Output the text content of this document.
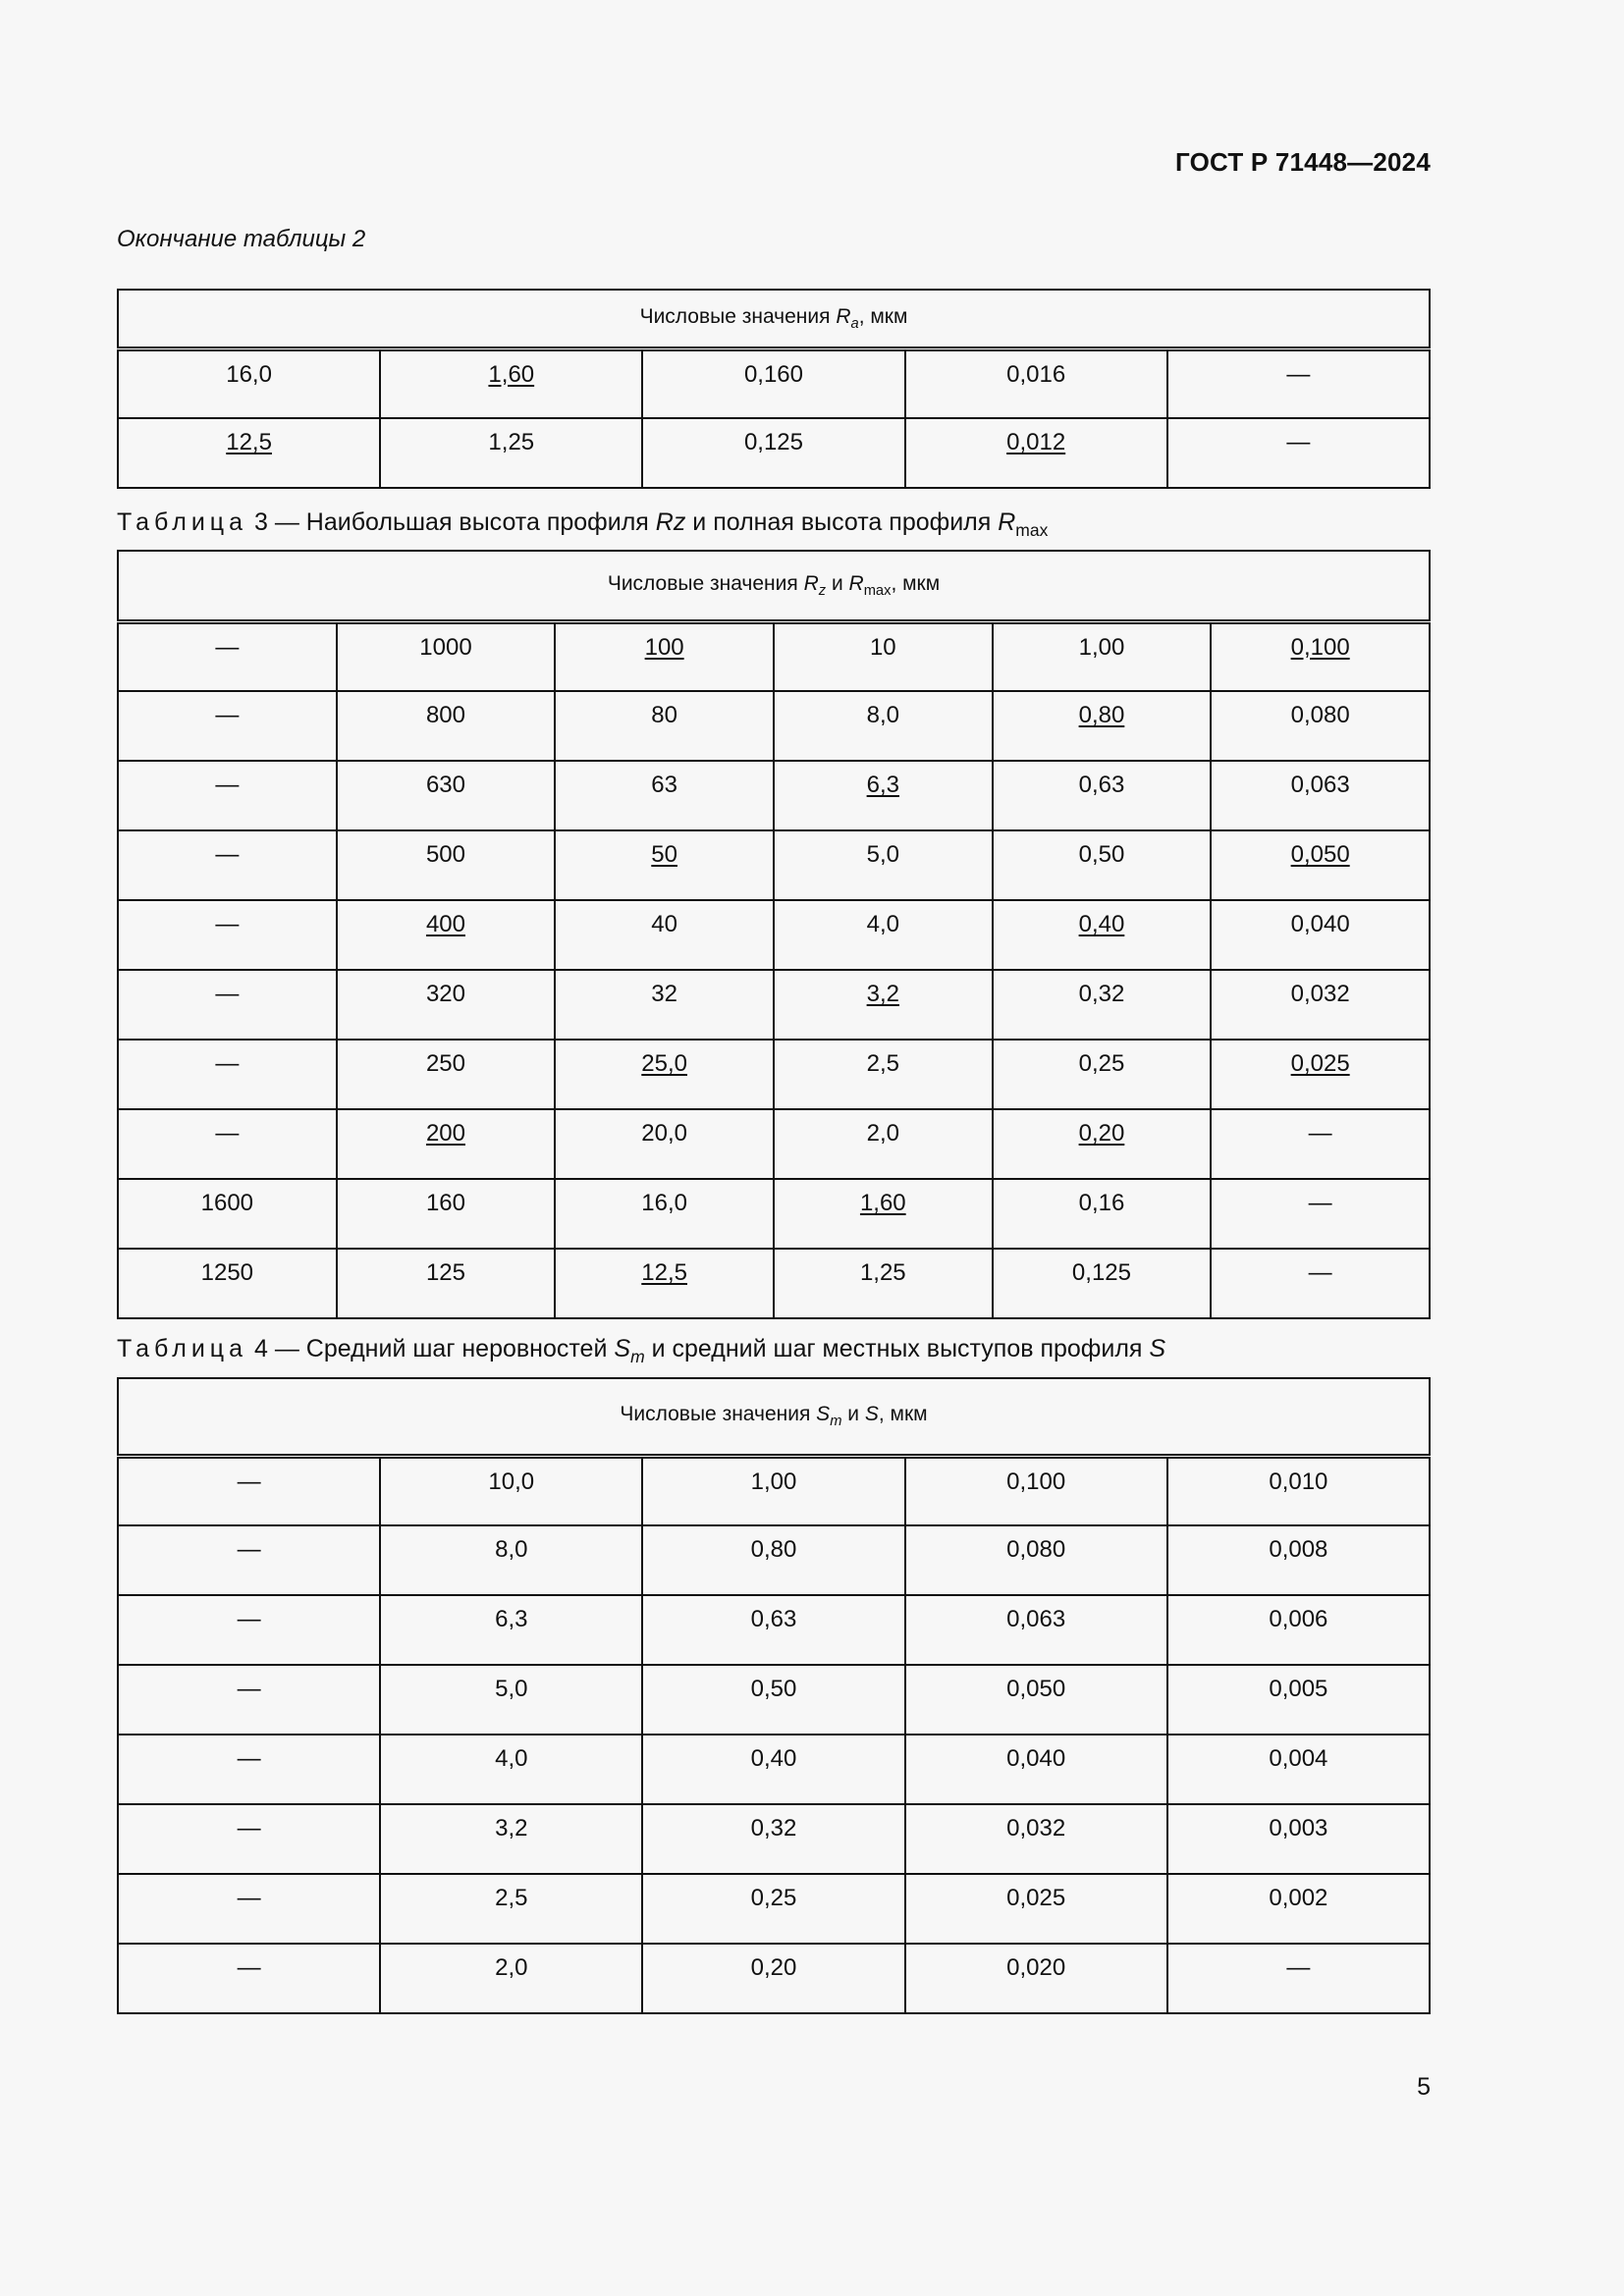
ГОСТ Р 71448—2024
Окончание таблицы 2
Числовые значения $R_a$, мкм				
16,0	1,60	0,160	0,016	—
12,5	1,25	0,125	0,012	—
Таблица 3 — Наибольшая высота профиля Rz и полная высота профиля $R_{max}$
Числовые значения $R_z$ и $R_{max}$, мкм					
—	1000	100	10	1,00	0,100
—	800	80	8,0	0,80	0,080
—	630	63	6,3	0,63	0,063
—	500	50	5,0	0,50	0,050
—	400	40	4,0	0,40	0,040
—	320	32	3,2	0,32	0,032
—	250	25,0	2,5	0,25	0,025
—	200	20,0	2,0	0,20	—
1600	160	16,0	1,60	0,16	—
1250	125	12,5	1,25	0,125	—
Таблица 4 — Средний шаг неровностей $S_m$ и средний шаг местных выступов профиля S
Числовые значения $S_m$ и S, мкм				
—	10,0	1,00	0,100	0,010
—	8,0	0,80	0,080	0,008
—	6,3	0,63	0,063	0,006
—	5,0	0,50	0,050	0,005
—	4,0	0,40	0,040	0,004
—	3,2	0,32	0,032	0,003
—	2,5	0,25	0,025	0,002
—	2,0	0,20	0,020	—
5
